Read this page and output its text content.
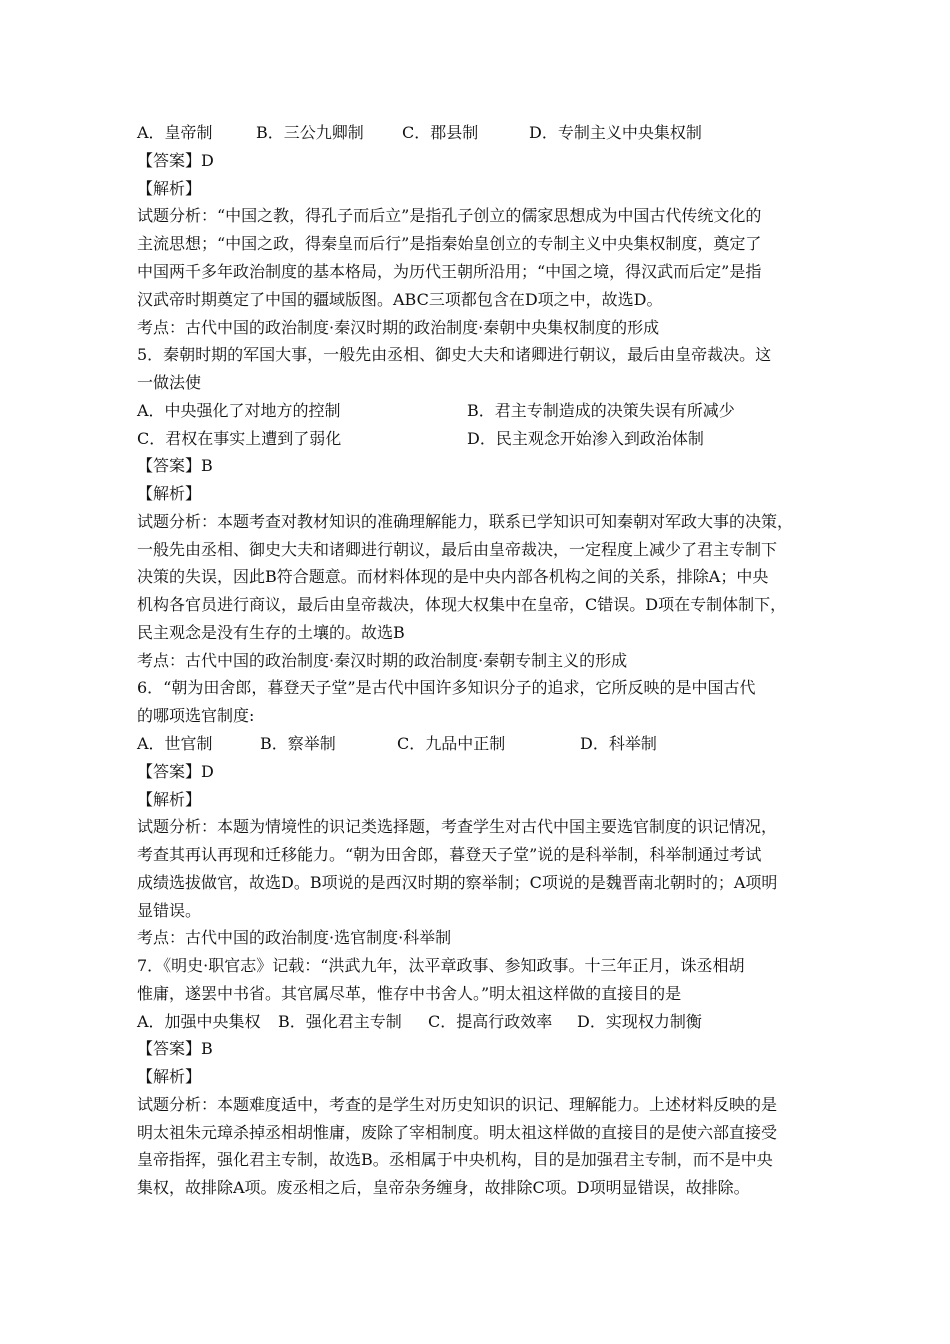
A．皇帝制	B．三公九卿制 C．郡县制	D．专制主义中央集权制
【答案】D
【解析】
试题分析：“中国之教，得孔子而后立”是指孔子创立的儒家思想成为中国古代传统文化的
主流思想；“中国之政，得秦皇而后行”是指秦始皇创立的专制主义中央集权制度，奠定了
中国两千多年政治制度的基本格局，为历代王朝所沿用；“中国之境，得汉武而后定”是指
汉武帝时期奠定了中国的疆域版图。ABC三项都包含在D项之中，故选D。
考点：古代中国的政治制度·秦汉时期的政治制度·秦朝中央集权制度的形成
5．秦朝时期的军国大事，一般先由丞相、御史大夫和诸卿进行朝议，最后由皇帝裁决。这
一做法使
A．中央强化了对地方的控制	B．君主专制造成的决策失误有所减少
C．君权在事实上遭到了弱化	D．民主观念开始渗入到政治体制
【答案】B
【解析】
试题分析：本题考查对教材知识的准确理解能力，联系已学知识可知秦朝对军政大事的决策，
一般先由丞相、御史大夫和诸卿进行朝议，最后由皇帝裁决，一定程度上减少了君主专制下
决策的失误，因此B符合题意。而材料体现的是中央内部各机构之间的关系，排除A；中央
机构各官员进行商议，最后由皇帝裁决，体现大权集中在皇帝，C错误。D项在专制体制下，
民主观念是没有生存的土壤的。故选B
考点：古代中国的政治制度·秦汉时期的政治制度·秦朝专制主义的形成
6．“朝为田舍郎，暮登天子堂”是古代中国许多知识分子的追求，它所反映的是中国古代
的哪项选官制度:
A．世官制	B．察举制	C．九品中正制	D．科举制
【答案】D
【解析】
试题分析：本题为情境性的识记类选择题，考查学生对古代中国主要选官制度的识记情况，
考查其再认再现和迁移能力。“朝为田舍郎，暮登天子堂”说的是科举制，科举制通过考试
成绩选拔做官，故选D。B项说的是西汉时期的察举制；C项说的是魏晋南北朝时的；A项明
显错误。
考点：古代中国的政治制度·选官制度·科举制
7．《明史·职官志》记载：“洪武九年，汰平章政事、参知政事。十三年正月，诛丞相胡
惟庸，遂罢中书省。其官属尽革，惟存中书舍人。”明太祖这样做的直接目的是
A．加强中央集权 B．强化君主专制 C．提高行政效率 D．实现权力制衡
【答案】B
【解析】
试题分析：本题难度适中，考查的是学生对历史知识的识记、理解能力。上述材料反映的是
明太祖朱元璋杀掉丞相胡惟庸，废除了宰相制度。明太祖这样做的直接目的是使六部直接受
皇帝指挥，强化君主专制，故选B。丞相属于中央机构，目的是加强君主专制，而不是中央
集权，故排除A项。废丞相之后，皇帝杂务缠身，故排除C项。D项明显错误，故排除。
